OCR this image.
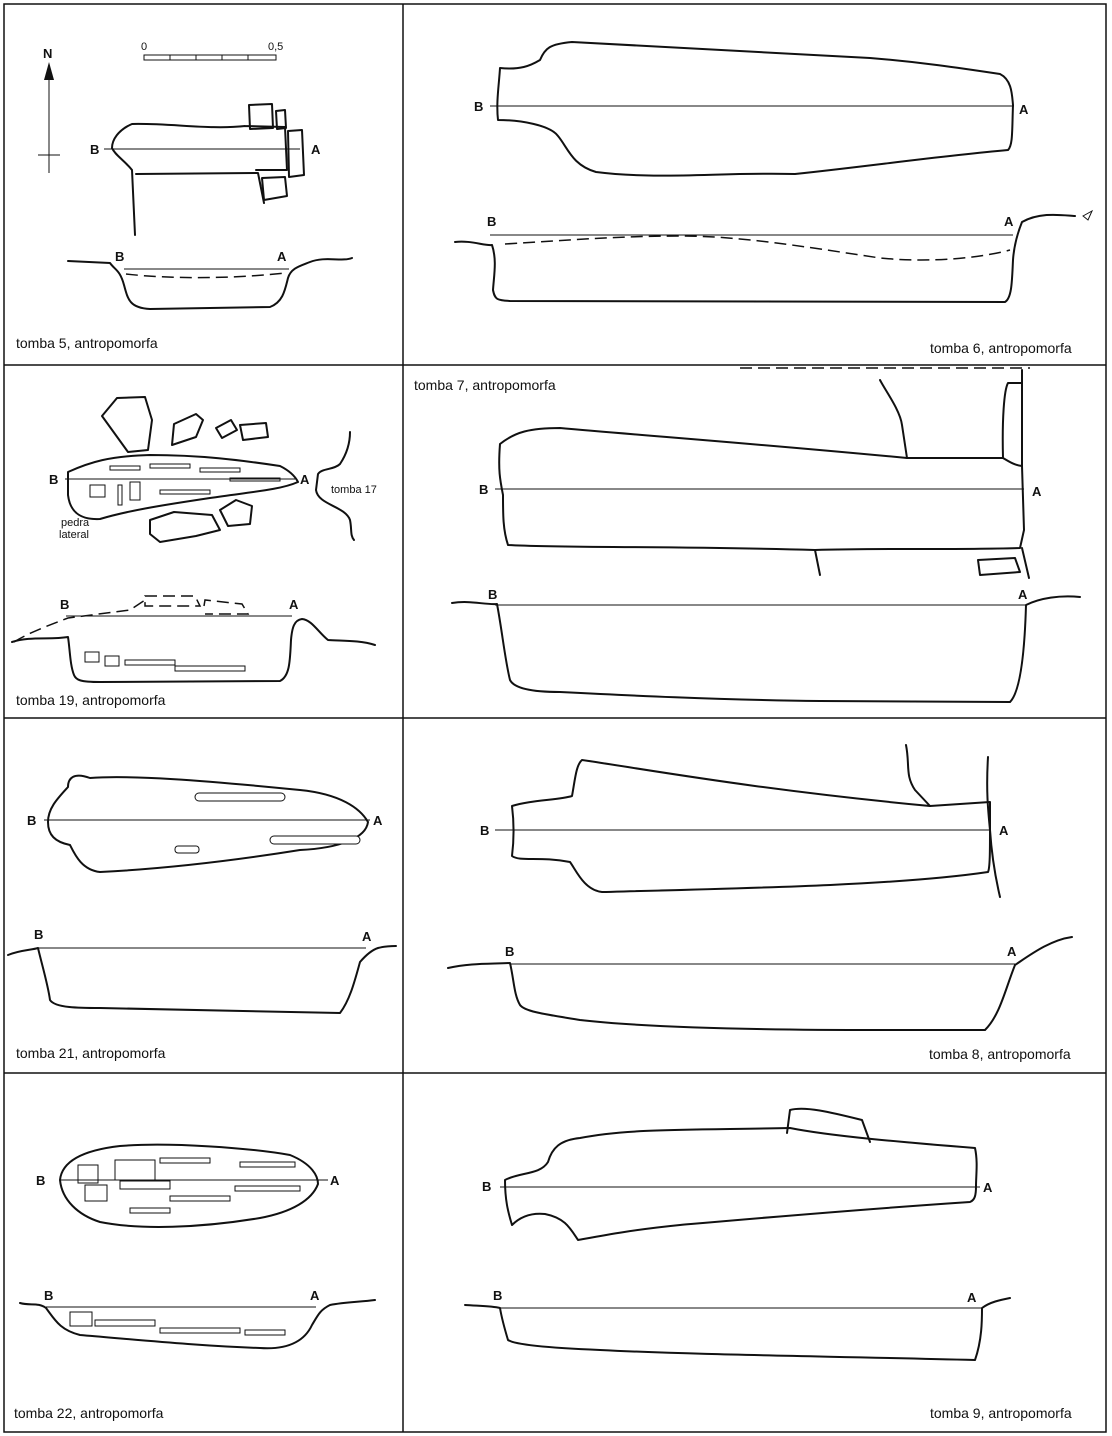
N	0	0,5
B	A
B	A
tomba 5, antropomorfa
B	A
B	A
tomba 6, antropomorfa
B	A
tomba 17
pedra
lateral
B	A
tomba 19, antropomorfa
B	A
B	A
tomba 7, antropomorfa
B	A
B	A
tomba 21, antropomorfa
B	A
B	A
tomba 8, antropomorfa
B	A
B	A
tomba 22, antropomorfa
B	A
B	A
tomba 9, antropomorfa
